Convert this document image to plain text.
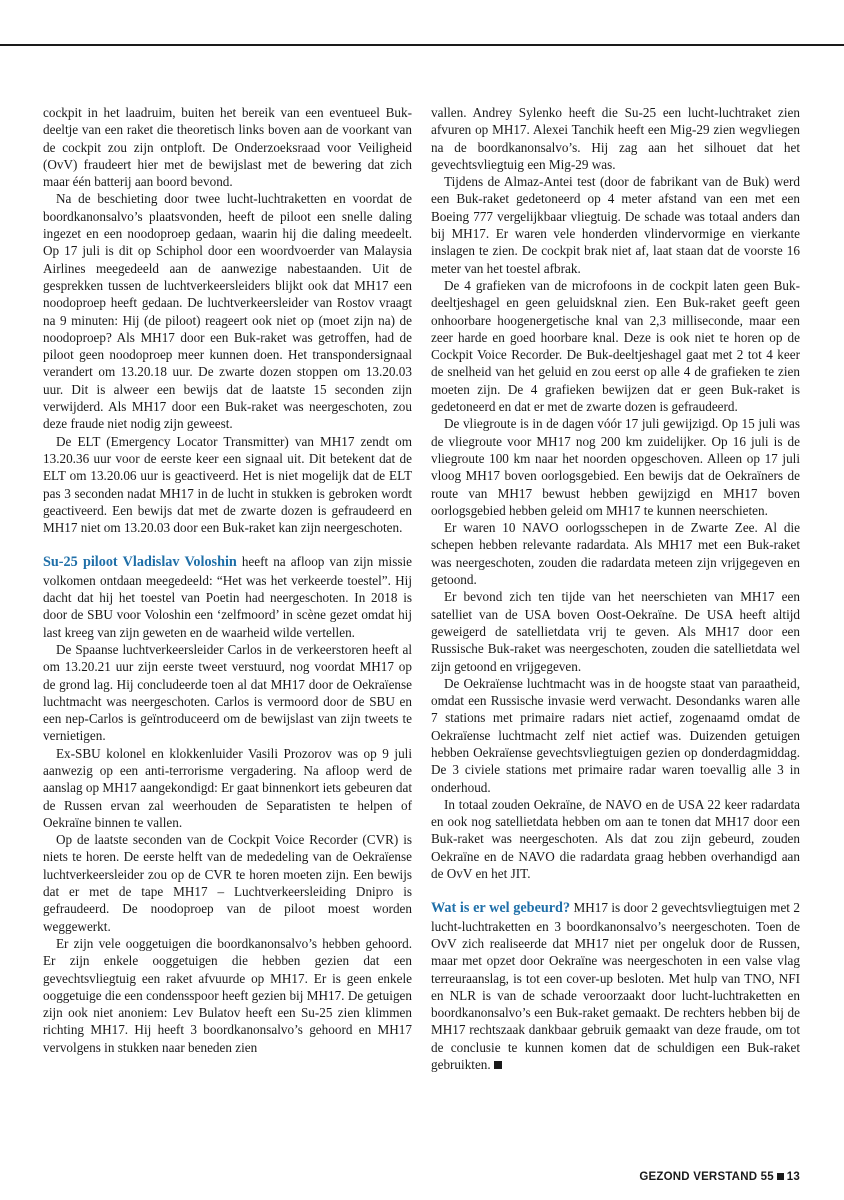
cockpit in het laadruim, buiten het bereik van een eventueel Buk-deeltje van een raket die theoretisch links boven aan de voorkant van de cockpit zou zijn ontploft. De Onderzoeksraad voor Veiligheid (OvV) fraudeert hier met de bewijslast met de bewering dat zich maar één batterij aan boord bevond.

Na de beschieting door twee lucht-luchtraketten en voordat de boordkanonsalvo’s plaatsvonden, heeft de piloot een snelle daling ingezet en een noodoproep gedaan, waarin hij die daling meedeelt. Op 17 juli is dit op Schiphol door een woordvoerder van Malaysia Airlines meegedeeld aan de aanwezige nabestaanden. Uit de gesprekken tussen de luchtverkeersleiders blijkt ook dat MH17 een noodoproep heeft gedaan. De luchtverkeersleider van Rostov vraagt na 9 minuten: Hij (de piloot) reageert ook niet op (moet zijn na) de noodoproep? Als MH17 door een Buk-raket was getroffen, had de piloot geen noodoproep meer kunnen doen. Het transpondersignaal verandert om 13.20.18 uur. De zwarte dozen stoppen om 13.20.03 uur. Dit is alweer een bewijs dat de laatste 15 seconden zijn verwijderd. Als MH17 door een Buk-raket was neergeschoten, zou deze fraude niet nodig zijn geweest.

De ELT (Emergency Locator Transmitter) van MH17 zendt om 13.20.36 uur voor de eerste keer een signaal uit. Dit betekent dat de ELT om 13.20.06 uur is geactiveerd. Het is niet mogelijk dat de ELT pas 3 seconden nadat MH17 in de lucht in stukken is gebroken wordt geactiveerd. Een bewijs dat met de zwarte dozen is gefraudeerd en MH17 niet om 13.20.03 door een Buk-raket kan zijn neergeschoten.

Su-25 piloot Vladislav Voloshin heeft na afloop van zijn missie volkomen ontdaan meegedeeld: “Het was het verkeerde toestel”. Hij dacht dat hij het toestel van Poetin had neergeschoten. In 2018 is door de SBU voor Voloshin een ‘zelfmoord’ in scène gezet omdat hij last kreeg van zijn geweten en de waarheid wilde vertellen.

De Spaanse luchtverkeersleider Carlos in de verkeerstoren heeft al om 13.20.21 uur zijn eerste tweet verstuurd, nog voordat MH17 op de grond lag. Hij concludeerde toen al dat MH17 door de Oekraïense luchtmacht was neergeschoten. Carlos is vermoord door de SBU en een nep-Carlos is geïntroduceerd om de bewijslast van zijn tweets te vernietigen.

Ex-SBU kolonel en klokkenluider Vasili Prozorov was op 9 juli aanwezig op een anti-terrorisme vergadering. Na afloop werd de aanslag op MH17 aangekondigd: Er gaat binnenkort iets gebeuren dat de Russen ervan zal weerhouden de Separatisten te helpen of Oekraïne binnen te vallen.

Op de laatste seconden van de Cockpit Voice Recorder (CVR) is niets te horen. De eerste helft van de mededeling van de Oekraïense luchtverkeersleider zou op de CVR te horen moeten zijn. Een bewijs dat er met de tape MH17 – Luchtverkeersleiding Dnipro is gefraudeerd. De noodoproep van de piloot moest worden weggewerkt.

Er zijn vele ooggetuigen die boordkanonsalvo’s hebben gehoord. Er zijn enkele ooggetuigen die hebben gezien dat een gevechtsvliegtuig een raket afvuurde op MH17. Er is geen enkele ooggetuige die een condensspoor heeft gezien bij MH17. De getuigen zijn ook niet anoniem: Lev Bulatov heeft een Su-25 zien klimmen richting MH17. Hij heeft 3 boordkanonsalvo’s gehoord en MH17 vervolgens in stukken naar beneden zien

vallen. Andrey Sylenko heeft die Su-25 een lucht-luchtraket zien afvuren op MH17. Alexei Tanchik heeft een Mig-29 zien wegvliegen na de boordkanonsalvo’s. Hij zag aan het silhouet dat het gevechtsvliegtuig een Mig-29 was.

Tijdens de Almaz-Antei test (door de fabrikant van de Buk) werd een Buk-raket gedetoneerd op 4 meter afstand van een met een Boeing 777 vergelijkbaar vliegtuig. De schade was totaal anders dan bij MH17. Er waren vele honderden vlindervormige en vierkante inslagen te zien. De cockpit brak niet af, laat staan dat de voorste 16 meter van het toestel afbrak.

De 4 grafieken van de microfoons in de cockpit laten geen Buk-deeltjeshagel en geen geluidsknal zien. Een Buk-raket geeft geen onhoorbare hoogenergetische knal van 2,3 milliseconde, maar een zeer harde en goed hoorbare knal. Deze is ook niet te horen op de Cockpit Voice Recorder. De Buk-deeltjeshagel gaat met 2 tot 4 keer de snelheid van het geluid en zou eerst op alle 4 de grafieken te zien moeten zijn. De 4 grafieken bewijzen dat er geen Buk-raket is gedetoneerd en dat er met de zwarte dozen is gefraudeerd.

De vliegroute is in de dagen vóór 17 juli gewijzigd. Op 15 juli was de vliegroute voor MH17 nog 200 km zuidelijker. Op 16 juli is de vliegroute 100 km naar het noorden opgeschoven. Alleen op 17 juli vloog MH17 boven oorlogsgebied. Een bewijs dat de Oekraïners de route van MH17 bewust hebben gewijzigd en MH17 boven oorlogsgebied hebben geleid om MH17 te kunnen neerschieten.

Er waren 10 NAVO oorlogsschepen in de Zwarte Zee. Al die schepen hebben relevante radardata. Als MH17 met een Buk-raket was neergeschoten, zouden die radardata meteen zijn vrijgegeven en getoond.

Er bevond zich ten tijde van het neerschieten van MH17 een satelliet van de USA boven Oost-Oekraïne. De USA heeft altijd geweigerd de satellietdata vrij te geven. Als MH17 door een Russische Buk-raket was neergeschoten, zouden die satellietdata wel zijn getoond en vrijgegeven.

De Oekraïense luchtmacht was in de hoogste staat van paraatheid, omdat een Russische invasie werd verwacht. Desondanks waren alle 7 stations met primaire radars niet actief, zogenaamd omdat de Oekraïense luchtmacht zelf niet actief was. Duizenden getuigen hebben Oekraïense gevechtsvliegtuigen gezien op donderdagmiddag. De 3 civiele stations met primaire radar waren toevallig alle 3 in onderhoud.

In totaal zouden Oekraïne, de NAVO en de USA 22 keer radardata en ook nog satellietdata hebben om aan te tonen dat MH17 door een Buk-raket was neergeschoten. Als dat zou zijn gebeurd, zouden Oekraïne en de NAVO die radardata graag hebben overhandigd aan de OvV en het JIT.

Wat is er wel gebeurd? MH17 is door 2 gevechtsvliegtuigen met 2 lucht-luchtraketten en 3 boordkanonsalvo’s neergeschoten. Toen de OvV zich realiseerde dat MH17 niet per ongeluk door de Russen, maar met opzet door Oekraïne was neergeschoten in een valse vlag terreuraanslag, is tot een cover-up besloten. Met hulp van TNO, NFI en NLR is van de schade veroorzaakt door lucht-luchtraketten en boordkanonsalvo’s een Buk-raket gemaakt. De rechters hebben bij de MH17 rechtszaak dankbaar gebruik gemaakt van deze fraude, om tot de conclusie te kunnen komen dat de schuldigen een Buk-raket gebruikten.

GEZOND VERSTAND 55 13
